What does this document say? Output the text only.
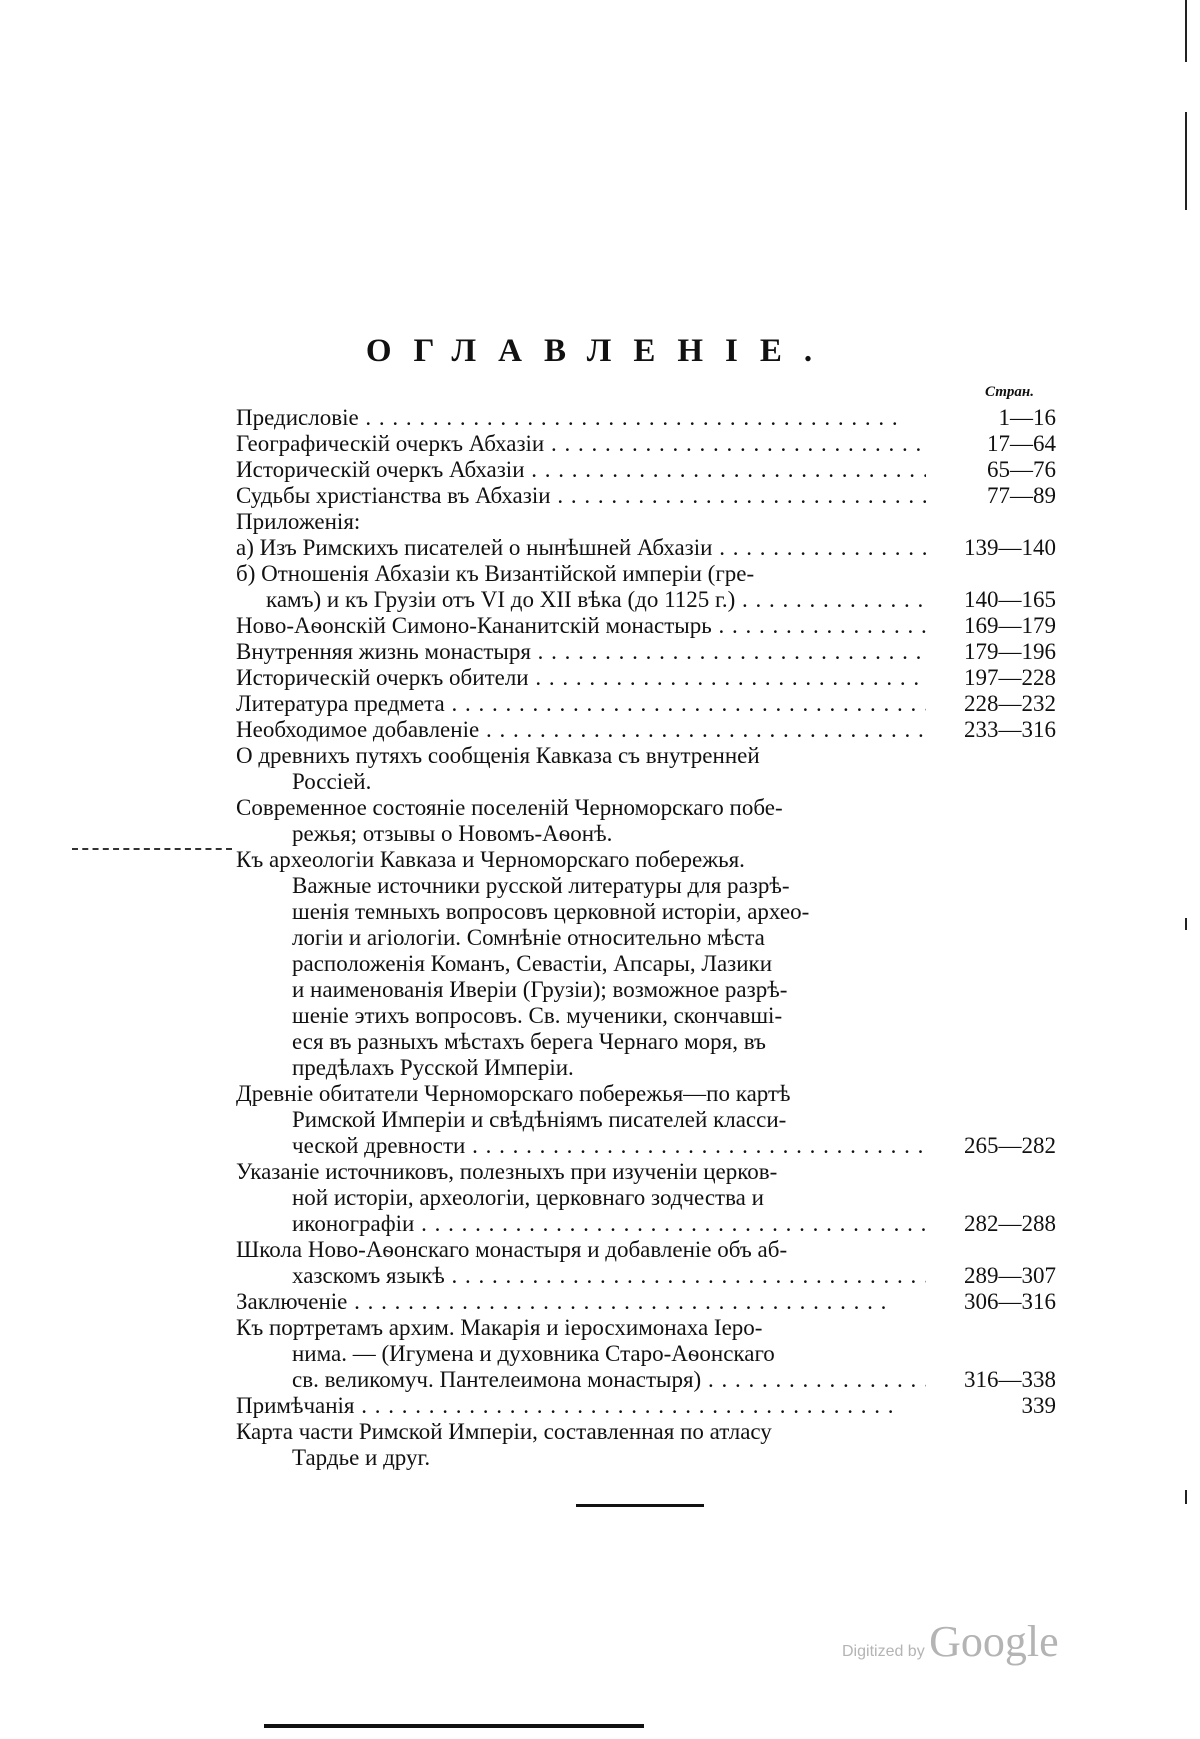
ОГЛАВЛЕНІЕ.
Стран.
Предисловіе . . .	1—16
Географическій очеркъ Абхазіи . . .	17—64
Историческій очеркъ Абхазіи . . .	65—76
Судьбы христіанства въ Абхазіи . . .	77—89
Приложенія:
а) Изъ Римскихъ писателей о нынѣшней Абхазіи . . .	139—140
б) Отношенія Абхазіи къ Византійской имперіи (гре-
камъ) и къ Грузіи отъ VI до XII вѣка (до 1125 г.) . . .	140—165
Ново-Аѳонскій Симоно-Кананитскій монастырь . . .	169—179
Внутренняя жизнь монастыря . . .	179—196
Историческій очеркъ обители . . .	197—228
Литература предмета . . .	228—232
Необходимое добавленіе . . .	233—316
О древнихъ путяхъ сообщенія Кавказа съ внутренней
Россіей.
Современное состояніе поселеній Черноморскаго побе-
режья; отзывы о Новомъ-Аѳонѣ.
Къ археологіи Кавказа и Черноморскаго побережья.
Важные источники русской литературы для разрѣ-
шенія темныхъ вопросовъ церковной исторіи, архео-
логіи и агіологіи. Сомнѣніе относительно мѣста
расположенія Команъ, Севастіи, Апсары, Лазики
и наименованія Иверіи (Грузіи); возможное разрѣ-
шеніе этихъ вопросовъ. Св. мученики, скончавші-
еся въ разныхъ мѣстахъ берега Чернаго моря, въ
предѣлахъ Русской Имперіи.
Древніе обитатели Черноморскаго побережья—по картѣ
Римской Имперіи и свѣдѣніямъ писателей класси-
ческой древности . . .	265—282
Указаніе источниковъ, полезныхъ при изученіи церков-
ной исторіи, археологіи, церковнаго зодчества и
иконографіи . . .	282—288
Школа Ново-Аѳонскаго монастыря и добавленіе объ аб-
хазскомъ языкѣ . . .	289—307
Заключеніе . . .	306—316
Къ портретамъ архим. Макарія и іеросхимонаха Іеро-
нима. — (Игумена и духовника Старо-Аѳонскаго
св. великомуч. Пантелеимона монастыря) . . .	316—338
Примѣчанія . . .	339
Карта части Римской Имперіи, составленная по атласу
Тардье и друг.
Digitized by Google
